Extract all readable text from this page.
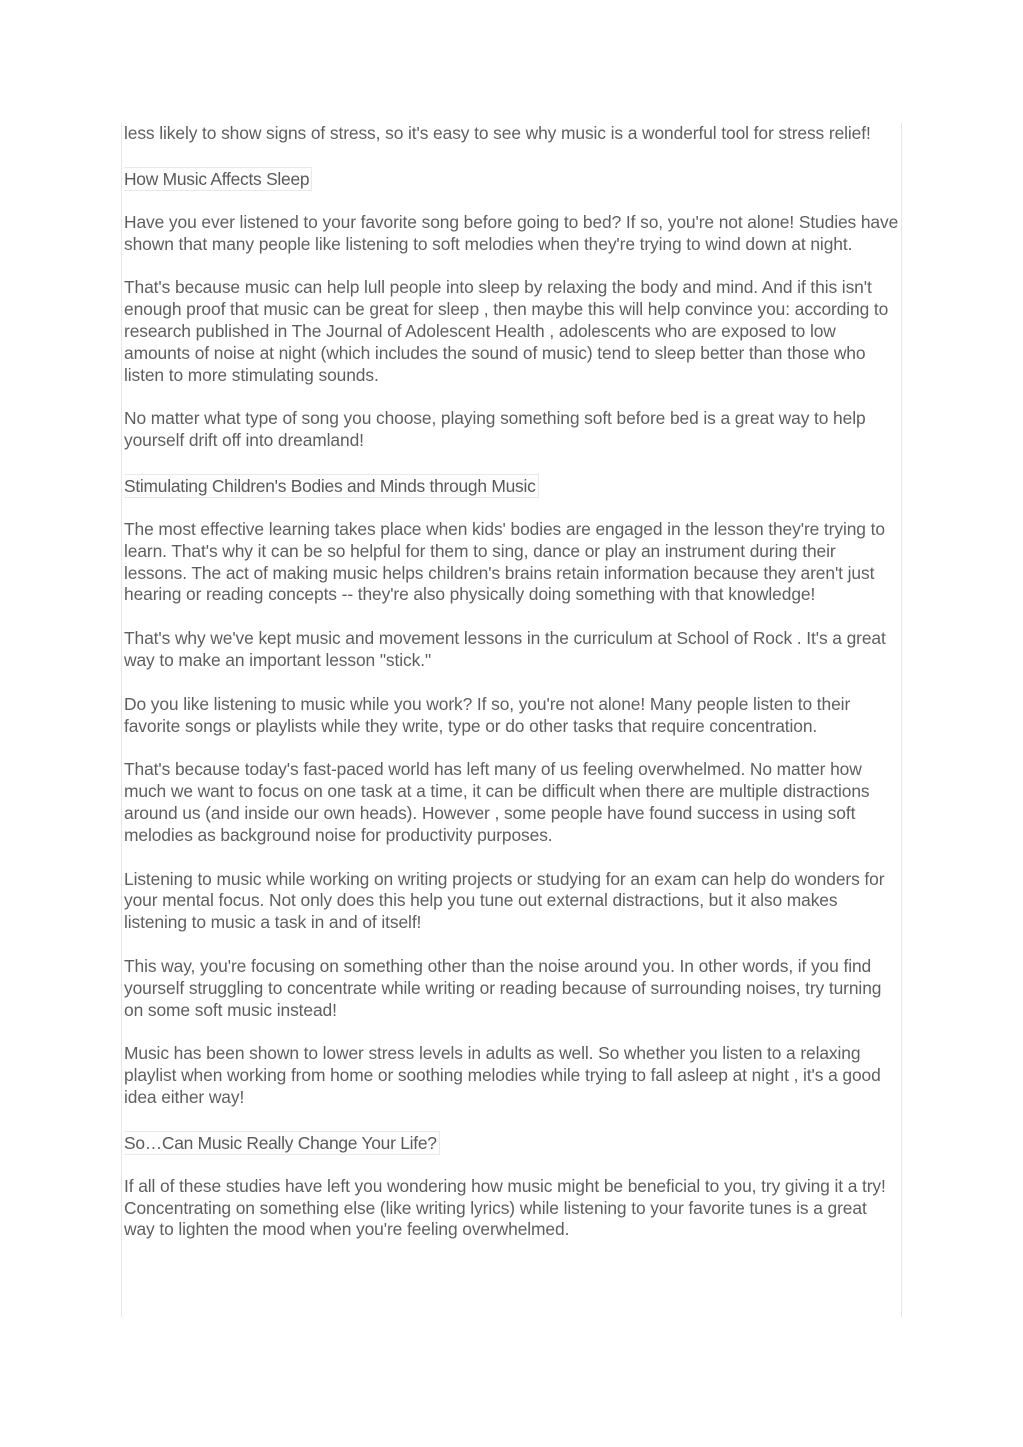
less likely to show signs of stress, so it's easy to see why music is a wonderful tool for stress relief!

How Music Affects Sleep

Have you ever listened to your favorite song before going to bed? If so, you're not alone! Studies have shown that many people like listening to soft melodies when they're trying to wind down at night.

That's because music can help lull people into sleep by relaxing the body and mind. And if this isn't enough proof that music can be great for sleep , then maybe this will help convince you: according to research published in The Journal of Adolescent Health , adolescents who are exposed to low amounts of noise at night (which includes the sound of music) tend to sleep better than those who listen to more stimulating sounds.

No matter what type of song you choose, playing something soft before bed is a great way to help yourself drift off into dreamland!

Stimulating Children's Bodies and Minds through Music

The most effective learning takes place when kids' bodies are engaged in the lesson they're trying to learn. That's why it can be so helpful for them to sing, dance or play an instrument during their lessons. The act of making music helps children's brains retain information because they aren't just hearing or reading concepts -- they're also physically doing something with that knowledge!

That's why we've kept music and movement lessons in the curriculum at School of Rock . It's a great way to make an important lesson "stick."

Do you like listening to music while you work? If so, you're not alone! Many people listen to their favorite songs or playlists while they write, type or do other tasks that require concentration.

That's because today's fast-paced world has left many of us feeling overwhelmed. No matter how much we want to focus on one task at a time, it can be difficult when there are multiple distractions around us (and inside our own heads). However , some people have found success in using soft melodies as background noise for productivity purposes.

Listening to music while working on writing projects or studying for an exam can help do wonders for your mental focus. Not only does this help you tune out external distractions, but it also makes listening to music a task in and of itself!

This way, you're focusing on something other than the noise around you. In other words, if you find yourself struggling to concentrate while writing or reading because of surrounding noises, try turning on some soft music instead!

Music has been shown to lower stress levels in adults as well. So whether you listen to a relaxing playlist when working from home or soothing melodies while trying to fall asleep at night , it's a good idea either way!

So…Can Music Really Change Your Life?

If all of these studies have left you wondering how music might be beneficial to you, try giving it a try! Concentrating on something else (like writing lyrics) while listening to your favorite tunes is a great way to lighten the mood when you're feeling overwhelmed.
